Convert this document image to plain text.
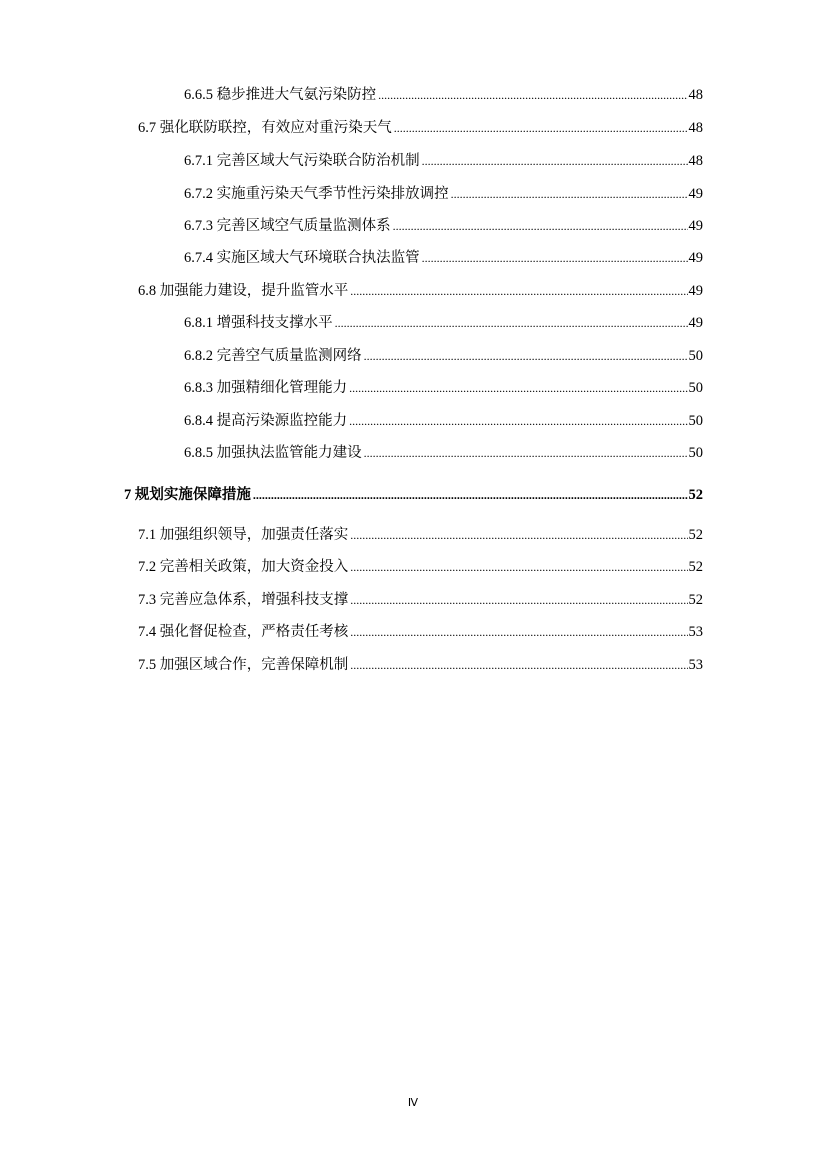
6.6.5 稳步推进大气氨污染防控 .....	48
6.7 强化联防联控，有效应对重污染天气 .....	48
6.7.1 完善区域大气污染联合防治机制 .....	48
6.7.2 实施重污染天气季节性污染排放调控 .....	49
6.7.3 完善区域空气质量监测体系 .....	49
6.7.4 实施区域大气环境联合执法监管 .....	49
6.8 加强能力建设，提升监管水平 .....	49
6.8.1 增强科技支撑水平 .....	49
6.8.2 完善空气质量监测网络 .....	50
6.8.3 加强精细化管理能力 .....	50
6.8.4 提高污染源监控能力 .....	50
6.8.5 加强执法监管能力建设 .....	50
7 规划实施保障措施 .....	52
7.1 加强组织领导，加强责任落实 .....	52
7.2 完善相关政策，加大资金投入 .....	52
7.3 完善应急体系，增强科技支撑 .....	52
7.4 强化督促检查，严格责任考核 .....	53
7.5 加强区域合作，完善保障机制 .....	53
Ⅳ
